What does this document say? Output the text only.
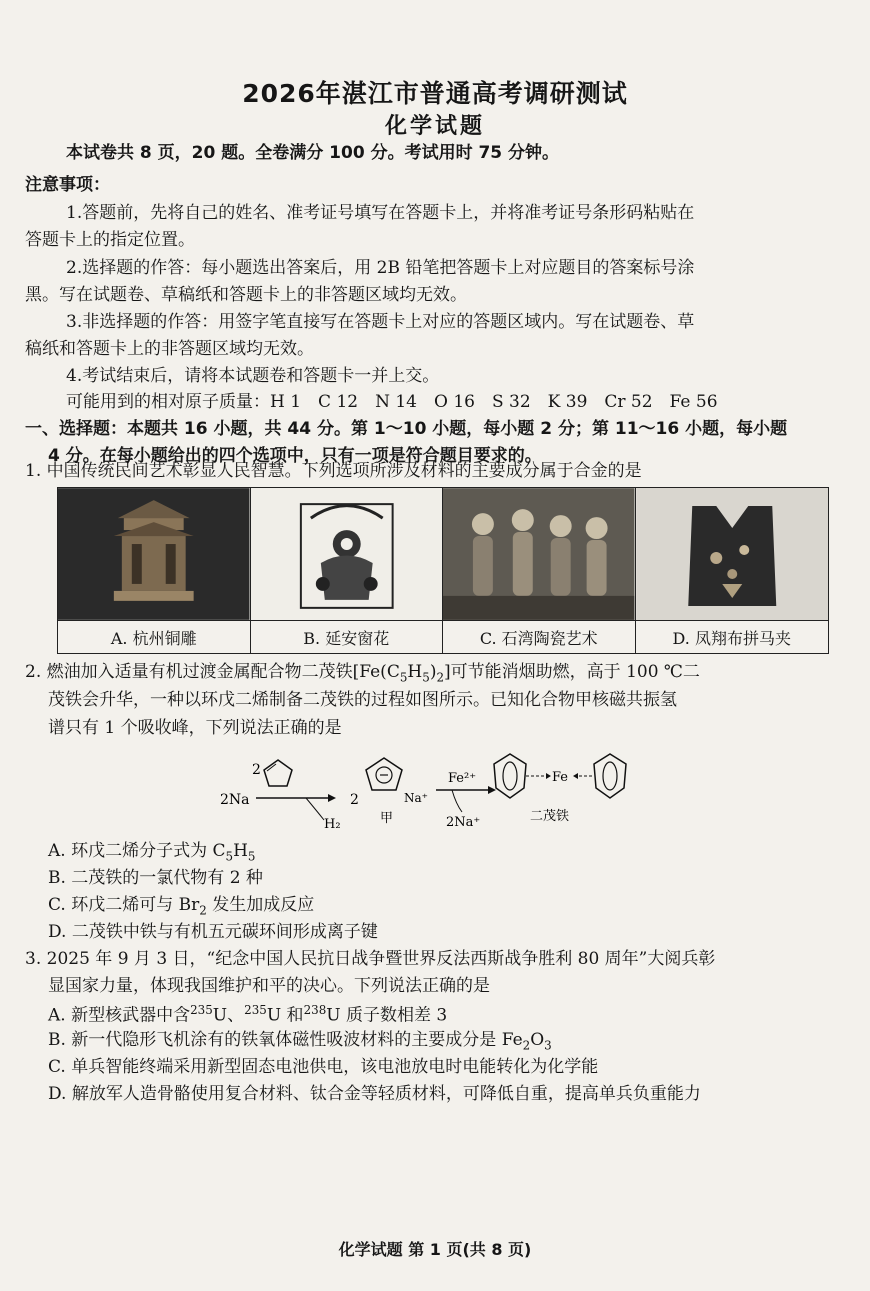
2026年湛江市普通高考调研测试
化学试题
本试卷共 8 页，20 题。全卷满分 100 分。考试用时 75 分钟。
注意事项：
1.答题前，先将自己的姓名、准考证号填写在答题卡上，并将准考证号条形码粘贴在
答题卡上的指定位置。
2.选择题的作答：每小题选出答案后，用 2B 铅笔把答题卡上对应题目的答案标号涂
黑。写在试题卷、草稿纸和答题卡上的非答题区域均无效。
3.非选择题的作答：用签字笔直接写在答题卡上对应的答题区域内。写在试题卷、草
稿纸和答题卡上的非答题区域均无效。
4.考试结束后，请将本试题卷和答题卡一并上交。
可能用到的相对原子质量：H 1　C 12　N 14　O 16　S 32　K 39　Cr 52　Fe 56
一、选择题：本题共 16 小题，共 44 分。第 1～10 小题，每小题 2 分；第 11～16 小题，每小题
4 分。在每小题给出的四个选项中，只有一项是符合题目要求的。
1. 中国传统民间艺术彰显人民智慧。下列选项所涉及材料的主要成分属于合金的是
A. 杭州铜雕	B. 延安窗花	C. 石湾陶瓷艺术	D. 凤翔布拼马夹
2. 燃油加入适量有机过渡金属配合物二茂铁$[Fe(C_5H_5)_2]$可节能消烟助燃，高于 100 ℃二
茂铁会升华，一种以环戊二烯制备二茂铁的过程如图所示。已知化合物甲核磁共振氢
谱只有 1 个吸收峰，下列说法正确的是
2
2Na
H₂
2	Na⁺
甲
Fe²⁺
2Na⁺
Fe
二茂铁
A. 环戊二烯分子式为 $C_5H_5$
B. 二茂铁的一氯代物有 2 种
C. 环戊二烯可与 $Br_2$ 发生加成反应
D. 二茂铁中铁与有机五元碳环间形成离子键
3. 2025 年 9 月 3 日，“纪念中国人民抗日战争暨世界反法西斯战争胜利 80 周年”大阅兵彰
显国家力量，体现我国维护和平的决心。下列说法正确的是
A. 新型核武器中含$^{235}$U、$^{235}$U 和$^{238}$U 质子数相差 3
B. 新一代隐形飞机涂有的铁氧体磁性吸波材料的主要成分是 $Fe_2O_3$
C. 单兵智能终端采用新型固态电池供电，该电池放电时电能转化为化学能
D. 解放军人造骨骼使用复合材料、钛合金等轻质材料，可降低自重，提高单兵负重能力
化学试题 第 1 页(共 8 页)
